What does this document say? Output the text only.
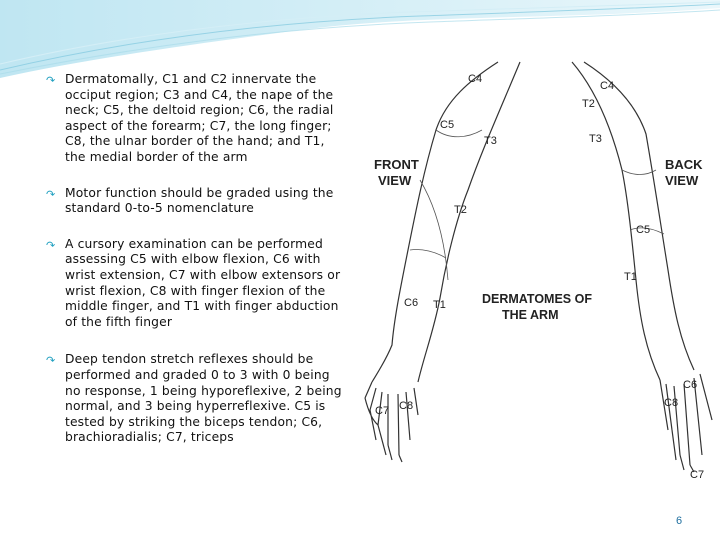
↷ Dermatomally, C1 and C2 innervate the occiput region; C3 and C4, the nape of the neck; C5, the deltoid region; C6, the radial aspect of the forearm; C7, the long finger; C8, the ulnar border of the hand; and T1, the medial border of the arm
↷ Motor function should be graded using the standard 0-to-5 nomenclature
↷ A cursory examination can be performed assessing C5 with elbow flexion, C6 with wrist extension, C7 with elbow extensors or wrist flexion, C8 with finger flexion of the middle finger, and T1 with finger abduction of the fifth finger
↷ Deep tendon stretch reflexes should be performed and graded 0 to 3 with 0 being no response, 1 being hyporeflexive, 2 being normal, and 3 being hyperreflexive. C5 is tested by striking the biceps tendon; C6, brachioradialis; C7, triceps
FRONT
VIEW
BACK
VIEW
DERMATOMES OF
THE ARM
C4
C4
T2
C5
T3	T3
T2
C5
T1
C6 T1
C6
C8
C7 C8
C7
6
